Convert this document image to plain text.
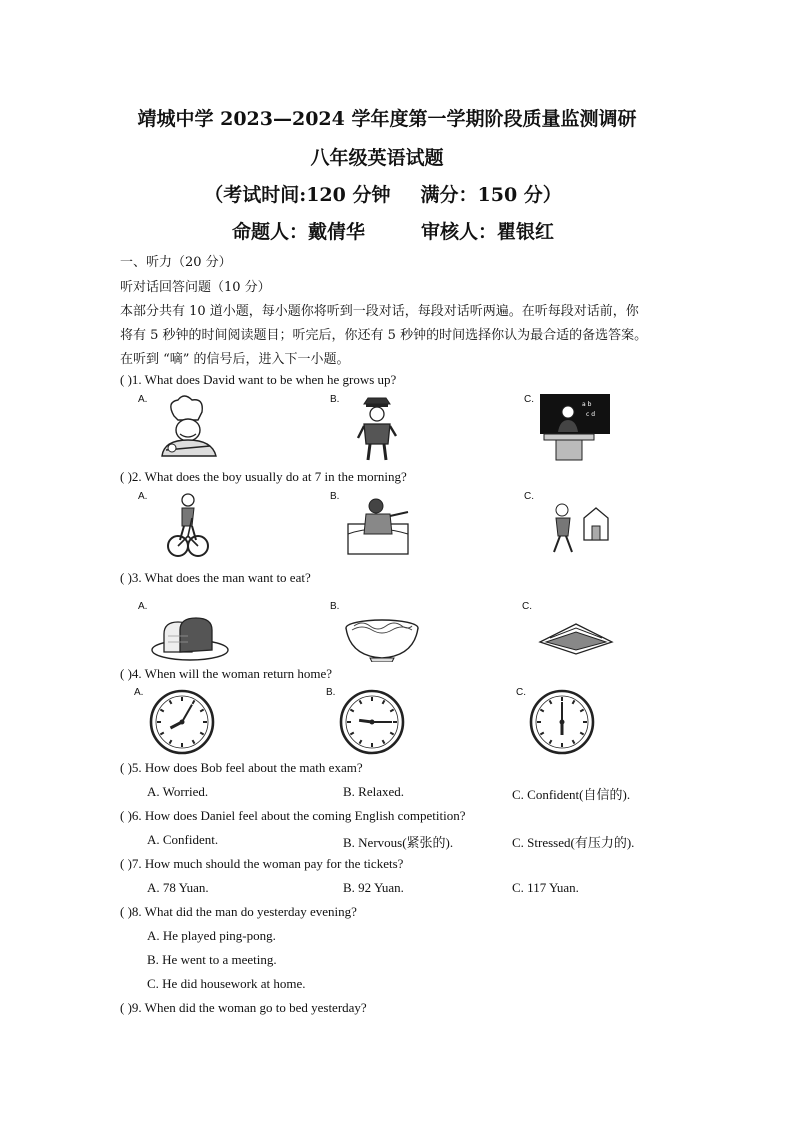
靖城中学 2023—2024 学年度第一学期阶段质量监测调研
八年级英语试题
（考试时间:120 分钟 满分：150 分）
命题人：戴倩华	审核人：瞿银红
一、听力（20 分）
听对话回答问题（10 分）
本部分共有 10 道小题，每小题你将听到一段对话，每段对话听两遍。在听每段对话前，你
将有 5 秒钟的时间阅读题目；听完后，你还有 5 秒钟的时间选择你认为最合适的备选答案。
在听到 “嘀” 的信号后，进入下一小题。
( )1. What does David want to be when he grows up?
A.	B.	C.	a b
c d
( )2. What does the boy usually do at 7 in the morning?
A.	B.	C.
( )3. What does the man want to eat?
A.	B.	C.
( )4. When will the woman return home?
A.	B.	C.
( )5. How does Bob feel about the math exam?
A. Worried.	B. Relaxed.	C. Confident(自信的).
( )6. How does Daniel feel about the coming English competition?
A. Confident.	B. Nervous(紧张的).	C. Stressed(有压力的).
( )7. How much should the woman pay for the tickets?
A. 78 Yuan.	B. 92 Yuan.	C. 117 Yuan.
( )8. What did the man do yesterday evening?
A. He played ping-pong.
B. He went to a meeting.
C. He did housework at home.
( )9. When did the woman go to bed yesterday?
